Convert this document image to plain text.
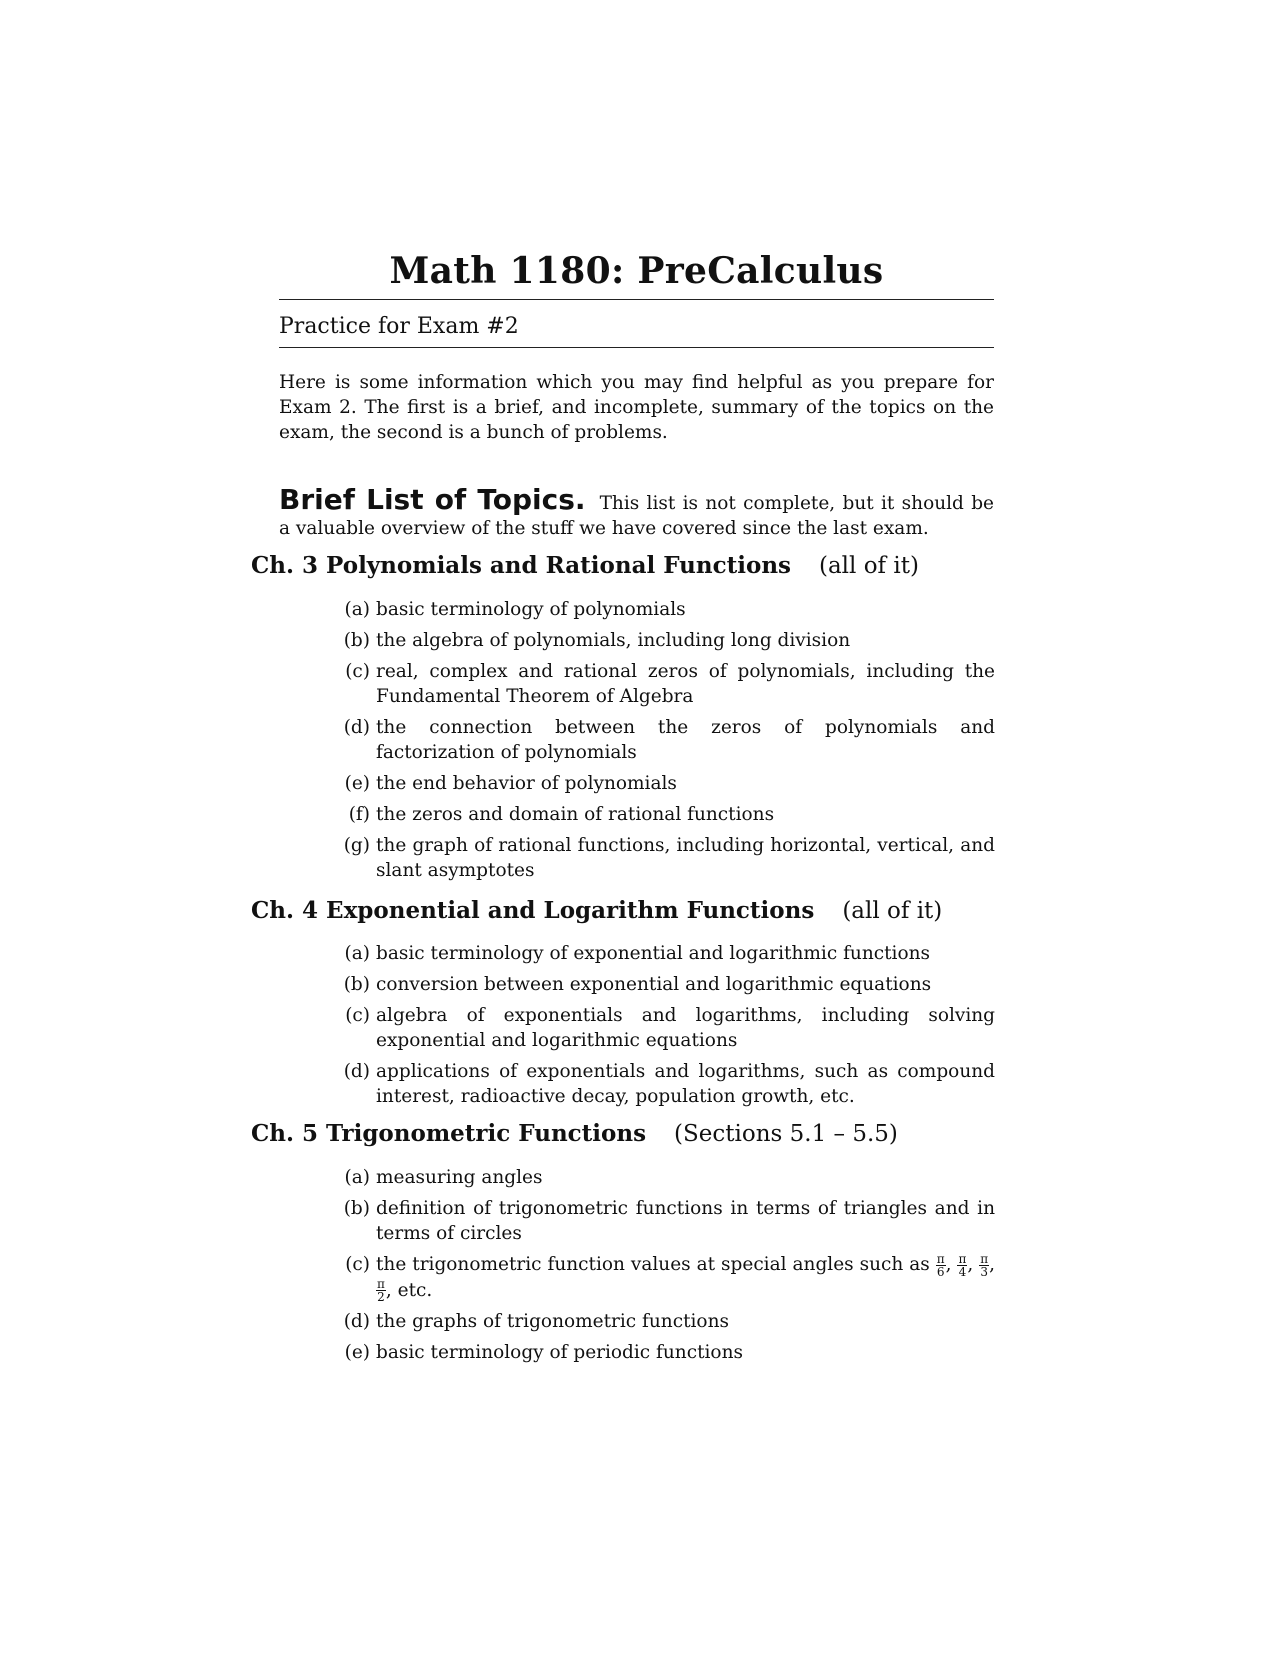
Math 1180: PreCalculus
Practice for Exam #2
Here is some information which you may find helpful as you prepare for Exam 2. The first is a brief, and incomplete, summary of the topics on the exam, the second is a bunch of problems.
Brief List of Topics. This list is not complete, but it should be a valuable overview of the stuff we have covered since the last exam.
Ch. 3 Polynomials and Rational Functions (all of it)
(a) basic terminology of polynomials
(b) the algebra of polynomials, including long division
(c) real, complex and rational zeros of polynomials, including the Fundamental Theorem of Algebra
(d) the connection between the zeros of polynomials and factorization of polynomials
(e) the end behavior of polynomials
(f) the zeros and domain of rational functions
(g) the graph of rational functions, including horizontal, vertical, and slant asymptotes
Ch. 4 Exponential and Logarithm Functions (all of it)
(a) basic terminology of exponential and logarithmic functions
(b) conversion between exponential and logarithmic equations
(c) algebra of exponentials and logarithms, including solving exponential and logarithmic equations
(d) applications of exponentials and logarithms, such as compound interest, radioactive decay, population growth, etc.
Ch. 5 Trigonometric Functions (Sections 5.1 – 5.5)
(a) measuring angles
(b) definition of trigonometric functions in terms of triangles and in terms of circles
(c) the trigonometric function values at special angles such as $\frac{\pi}{6}$ , $\frac{\pi}{4}$ , $\frac{\pi}{3}$ ,
$\frac{\pi}{2}$ , etc.
(d) the graphs of trigonometric functions
(e) basic terminology of periodic functions
